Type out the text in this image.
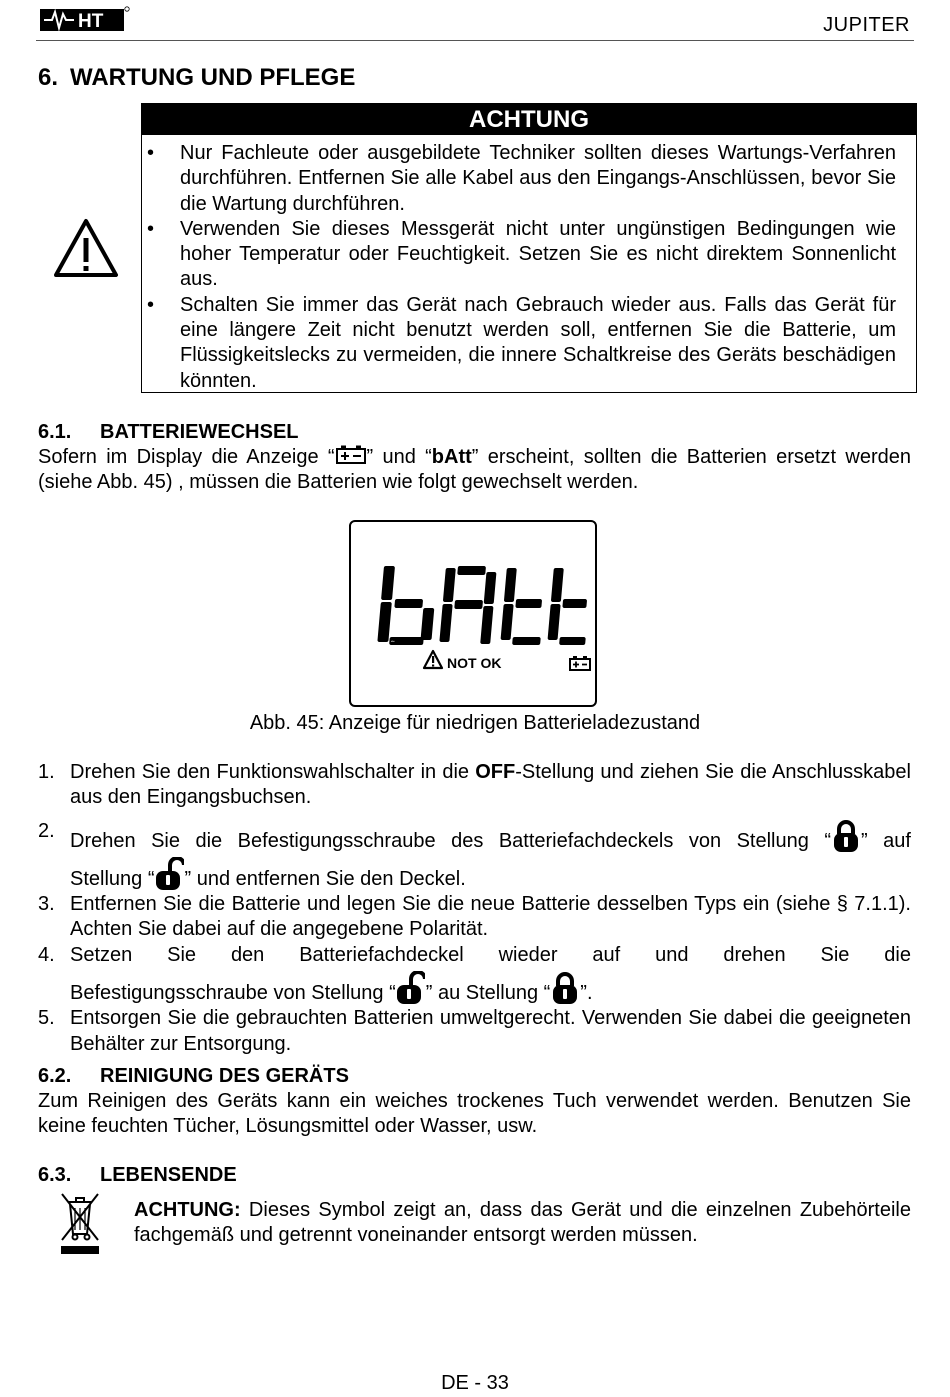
HT	JUPITER
6. WARTUNG UND PFLEGE
ACHTUNG
• Nur Fachleute oder ausgebildete Techniker sollten dieses Wartungs-Verfahren durchführen. Entfernen Sie alle Kabel aus den Eingangs-Anschlüssen, bevor Sie die Wartung durchführen.
• Verwenden Sie dieses Messgerät nicht unter ungünstigen Bedingungen wie hoher Temperatur oder Feuchtigkeit. Setzen Sie es nicht direktem Sonnenlicht aus.
• Schalten Sie immer das Gerät nach Gebrauch wieder aus. Falls das Gerät für eine längere Zeit nicht benutzt werden soll, entfernen Sie die Batterie, um Flüssigkeitslecks zu vermeiden, die innere Schaltkreise des Geräts beschädigen könnten.
6.1. BATTERIEWECHSEL
Sofern im Display die Anzeige “ ” und “bAtt” erscheint, sollten die Batterien ersetzt werden (siehe Abb. 45) , müssen die Batterien wie folgt gewechselt werden.
bAtt
NOT OK
Abb. 45: Anzeige für niedrigen Batterieladezustand
1. Drehen Sie den Funktionswahlschalter in die OFF-Stellung und ziehen Sie die Anschlusskabel aus den Eingangsbuchsen.
2. Drehen Sie die Befestigungsschraube des Batteriefachdeckels von Stellung “ ” auf
Stellung “ ” und entfernen Sie den Deckel.
3. Entfernen Sie die Batterie und legen Sie die neue Batterie desselben Typs ein (siehe § 7.1.1). Achten Sie dabei auf die angegebene Polarität.
4. Setzen Sie den Batteriefachdeckel wieder auf und drehen Sie die
Befestigungsschraube von Stellung “ ” au Stellung “ ”.
5. Entsorgen Sie die gebrauchten Batterien umweltgerecht. Verwenden Sie dabei die geeigneten Behälter zur Entsorgung.
6.2. REINIGUNG DES GERÄTS
Zum Reinigen des Geräts kann ein weiches trockenes Tuch verwendet werden. Benutzen Sie keine feuchten Tücher, Lösungsmittel oder Wasser, usw.
6.3. LEBENSENDE
ACHTUNG: Dieses Symbol zeigt an, dass das Gerät und die einzelnen Zubehörteile fachgemäß und getrennt voneinander entsorgt werden müssen.
DE - 33
